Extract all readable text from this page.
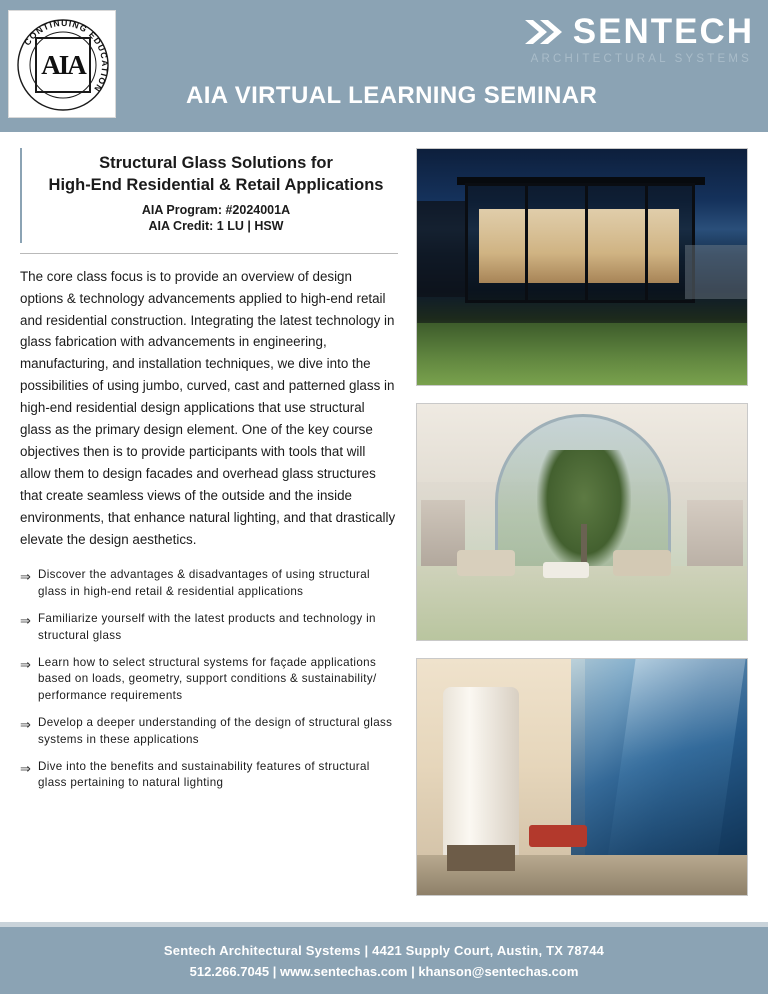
SENTECH
ARCHITECTURAL SYSTEMS
AIA VIRTUAL LEARNING SEMINAR
CONTINUING EDUCATION
AIA
Structural Glass Solutions for
High-End Residential & Retail Applications
AIA Program: #2024001A
AIA Credit: 1 LU | HSW
The core class focus is to provide an overview of design options & technology advancements applied to high-end retail and residential construction. Integrating the latest technology in glass fabrication with advancements in engineering, manufacturing, and installation techniques, we dive into the possibilities of using jumbo, curved, cast and patterned glass in high-end residential design applications that use structural glass as the primary design element. One of the key course objectives then is to provide participants with tools that will allow them to design facades and overhead glass structures that create seamless views of the outside and the inside environments, that enhance natural lighting, and that drastically elevate the design aesthetics.
⇒ Discover the advantages & disadvantages of using structural glass in high-end retail & residential applications
⇒ Familiarize yourself with the latest products and technology in structural glass
⇒ Learn how to select structural systems for façade applications based on loads, geometry, support conditions & sustainability/ performance requirements
⇒ Develop a deeper understanding of the design of structural glass systems in these applications
⇒ Dive into the benefits and sustainability features of structural glass pertaining to natural lighting
Sentech Architectural Systems | 4421 Supply Court, Austin, TX 78744
512.266.7045 | www.sentechas.com | khanson@sentechas.com
